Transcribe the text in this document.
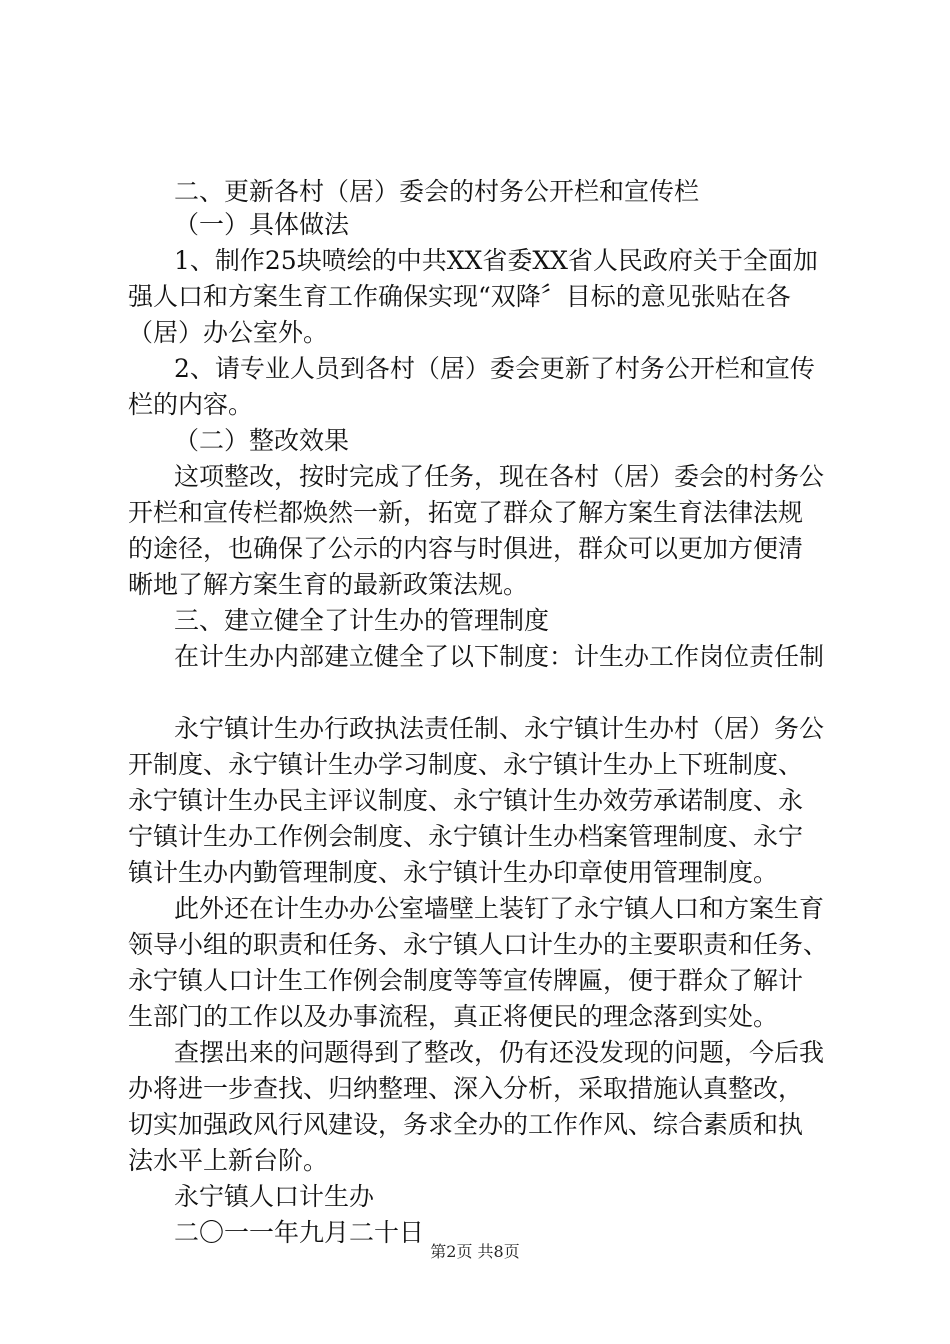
二、更新各村（居）委会的村务公开栏和宣传栏
（一）具体做法
1、制作25块喷绘的中共XX省委XX省人民政府关于全面加
强人口和方案生育工作确保实现“双降〞目标的意见张贴在各
（居）办公室外。
2、请专业人员到各村（居）委会更新了村务公开栏和宣传
栏的内容。
（二）整改效果
这项整改，按时完成了任务，现在各村（居）委会的村务公
开栏和宣传栏都焕然一新，拓宽了群众了解方案生育法律法规
的途径，也确保了公示的内容与时俱进，群众可以更加方便清
晰地了解方案生育的最新政策法规。
三、建立健全了计生办的管理制度
在计生办内部建立健全了以下制度：计生办工作岗位责任制
永宁镇计生办行政执法责任制、永宁镇计生办村（居）务公
开制度、永宁镇计生办学习制度、永宁镇计生办上下班制度、
永宁镇计生办民主评议制度、永宁镇计生办效劳承诺制度、永
宁镇计生办工作例会制度、永宁镇计生办档案管理制度、永宁
镇计生办内勤管理制度、永宁镇计生办印章使用管理制度。
此外还在计生办办公室墙壁上装钉了永宁镇人口和方案生育
领导小组的职责和任务、永宁镇人口计生办的主要职责和任务、
永宁镇人口计生工作例会制度等等宣传牌匾，便于群众了解计
生部门的工作以及办事流程，真正将便民的理念落到实处。
查摆出来的问题得到了整改，仍有还没发现的问题，今后我
办将进一步查找、归纳整理、深入分析，采取措施认真整改，
切实加强政风行风建设，务求全办的工作作风、综合素质和执
法水平上新台阶。
永宁镇人口计生办
二〇一一年九月二十日
第2页 共8页
